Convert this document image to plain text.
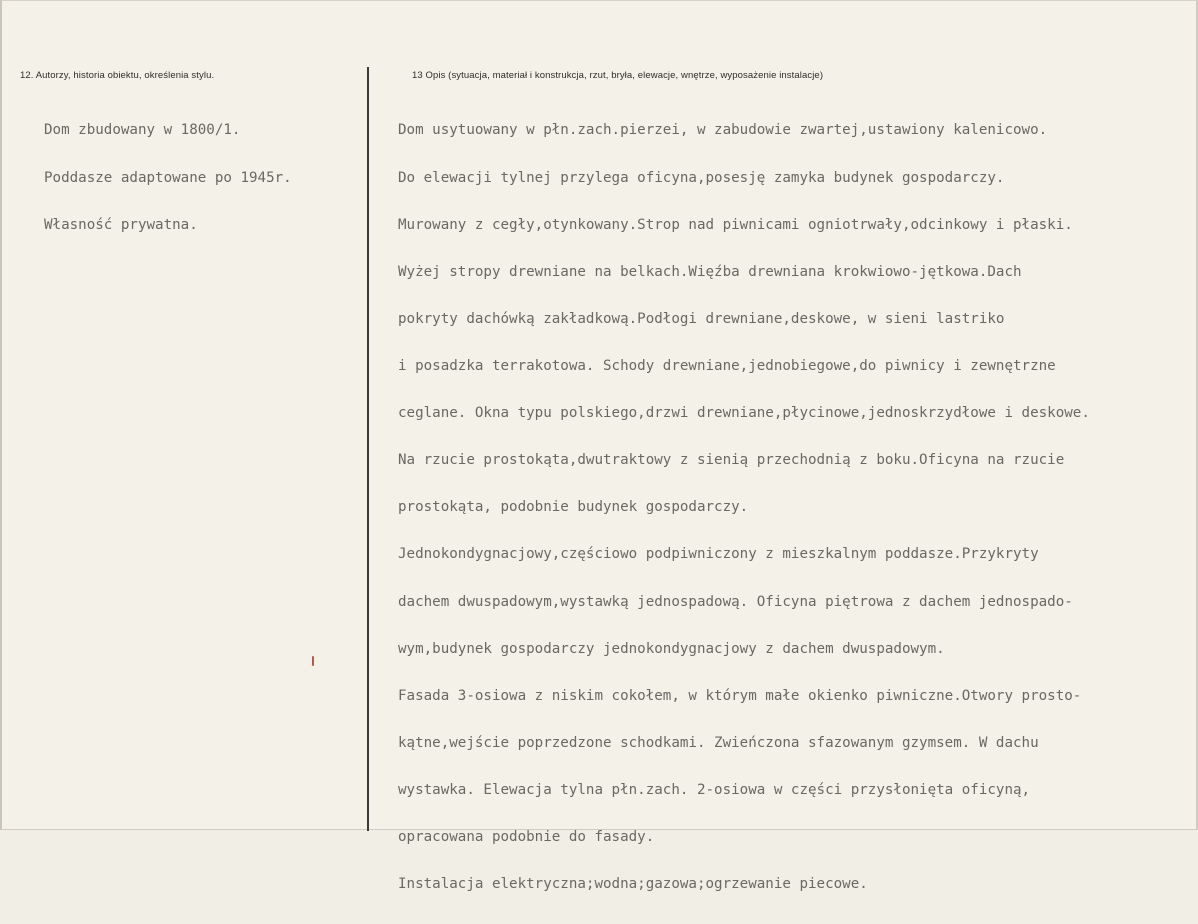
12. Autorzy, historia obiektu, określenia stylu.	13 Opis (sytuacja, materiał i konstrukcja, rzut, bryła, elewacje, wnętrze, wyposażenie instalacje)

Dom zbudowany w 1800/1.

Poddasze adaptowane po 1945r.

Własność prywatna.

Dom usytuowany w płn.zach.pierzei, w zabudowie zwartej,ustawiony kalenicowo.

Do elewacji tylnej przylega oficyna,posesję zamyka budynek gospodarczy.

Murowany z cegły,otynkowany.Strop nad piwnicami ogniotrwały,odcinkowy i płaski.

Wyżej stropy drewniane na belkach.Więźba drewniana krokwiowo-jętkowa.Dach

pokryty dachówką zakładkową.Podłogi drewniane,deskowe, w sieni lastriko

i posadzka terrakotowa. Schody drewniane,jednobiegowe,do piwnicy i zewnętrzne

ceglane. Okna typu polskiego,drzwi drewniane,płycinowe,jednoskrzydłowe i deskowe.

Na rzucie prostokąta,dwutraktowy z sienią przechodnią z boku.Oficyna na rzucie

prostokąta, podobnie budynek gospodarczy.

Jednokondygnacjowy,częściowo podpiwniczony z mieszkalnym poddasze.Przykryty

dachem dwuspadowym,wystawką jednospadową. Oficyna piętrowa z dachem jednospado-

wym,budynek gospodarczy jednokondygnacjowy z dachem dwuspadowym.

Fasada 3-osiowa z niskim cokołem, w którym małe okienko piwniczne.Otwory prosto-

kątne,wejście poprzedzone schodkami. Zwieńczona sfazowanym gzymsem. W dachu

wystawka. Elewacja tylna płn.zach. 2-osiowa w części przysłonięta oficyną,

opracowana podobnie do fasady.

Instalacja elektryczna;wodna;gazowa;ogrzewanie piecowe.
